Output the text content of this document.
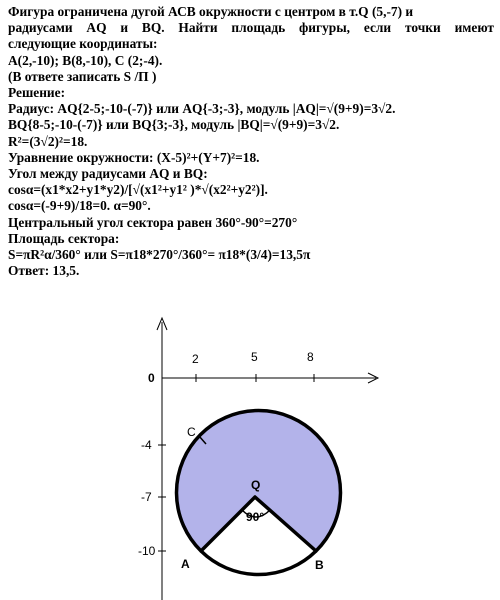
Фигура ограничена дугой АСВ окружности с центром в т.Q (5,-7) и
радиусами AQ и BQ. Найти площадь фигуры, если точки имеют
следующие координаты:
А(2,-10); В(8,-10), С (2;-4).
(В ответе записать S /П )
Решение:
Радиус: AQ{2-5;-10-(-7)} или AQ{-3;-3}, модуль |AQ|=√(9+9)=3√2.
BQ{8-5;-10-(-7)} или BQ{3;-3}, модуль |BQ|=√(9+9)=3√2.
R²=(3√2)²=18.
Уравнение окружности: (X-5)²+(Y+7)²=18.
Угол между радиусами AQ и BQ:
cosα=(x1*x2+y1*y2)/[√(x1²+y1² )*√(x2²+y2²)].
cosα=(-9+9)/18=0. α=90°.
Центральный угол сектора равен 360°-90°=270°
Площадь сектора:
S=πR²α/360° или S=π18*270°/360°= π18*(3/4)=13,5π
Ответ: 13,5.
2	5	8
0
-4
-7
-10
C
Q
90°
A	B
